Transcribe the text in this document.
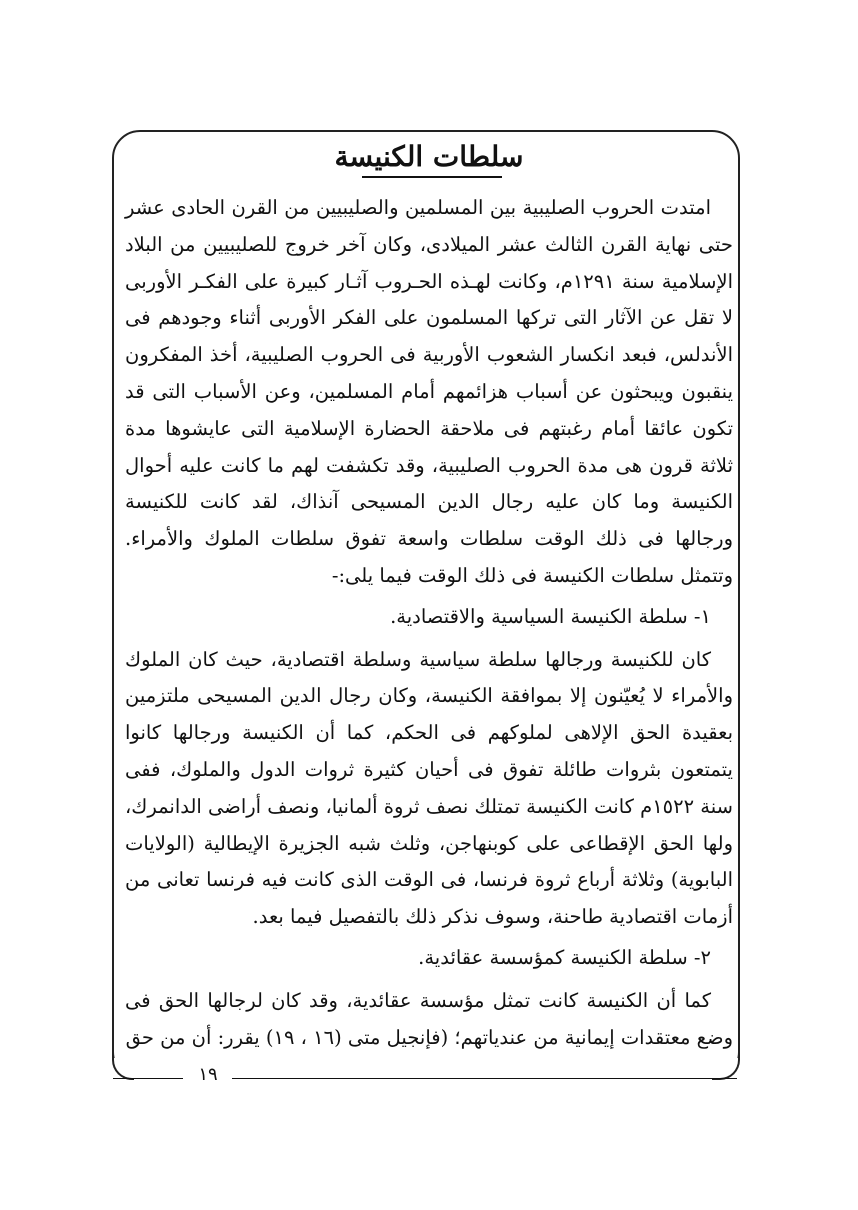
سلطات الكنيسة

امتدت الحروب الصليبية بين المسلمين والصليبيين من القرن الحادى عشر حتى نهاية القرن الثالث عشر الميلادى، وكان آخر خروج للصليبيين من البلاد الإسلامية سنة ١٢٩١م، وكانت لهـذه الحـروب آثـار كبيرة على الفكـر الأوربى لا تقل عن الآثار التى تركها المسلمون على الفكر الأوربى أثناء وجودهم فى الأندلس، فبعد انكسار الشعوب الأوربية فى الحروب الصليبية، أخذ المفكرون ينقبون ويبحثون عن أسباب هزائمهم أمام المسلمين، وعن الأسباب التى قد تكون عائقا أمام رغبتهم فى ملاحقة الحضارة الإسلامية التى عايشوها مدة ثلاثة قرون هى مدة الحروب الصليبية، وقد تكشفت لهم ما كانت عليه أحوال الكنيسة وما كان عليه رجال الدين المسيحى آنذاك، لقد كانت للكنيسة ورجالها فى ذلك الوقت سلطات واسعة تفوق سلطات الملوك والأمراء. وتتمثل سلطات الكنيسة فى ذلك الوقت فيما يلى:-

١- سلطة الكنيسة السياسية والاقتصادية.

كان للكنيسة ورجالها سلطة سياسية وسلطة اقتصادية، حيث كان الملوك والأمراء لا يُعيّنون إلا بموافقة الكنيسة، وكان رجال الدين المسيحى ملتزمين بعقيدة الحق الإلاهى لملوكهم فى الحكم، كما أن الكنيسة ورجالها كانوا يتمتعون بثروات طائلة تفوق فى أحيان كثيرة ثروات الدول والملوك، ففى سنة ١٥٢٢م كانت الكنيسة تمتلك نصف ثروة ألمانيا، ونصف أراضى الدانمرك، ولها الحق الإقطاعى على كوبنهاجن، وثلث شبه الجزيرة الإيطالية (الولايات البابوية) وثلاثة أرباع ثروة فرنسا، فى الوقت الذى كانت فيه فرنسا تعانى من أزمات اقتصادية طاحنة، وسوف نذكر ذلك بالتفصيل فيما بعد.

٢- سلطة الكنيسة كمؤسسة عقائدية.

كما أن الكنيسة كانت تمثل مؤسسة عقائدية، وقد كان لرجالها الحق فى وضع معتقدات إيمانية من عندياتهم؛ (فإنجيل متى (١٦ ، ١٩) يقرر: أن من حق

١٩
